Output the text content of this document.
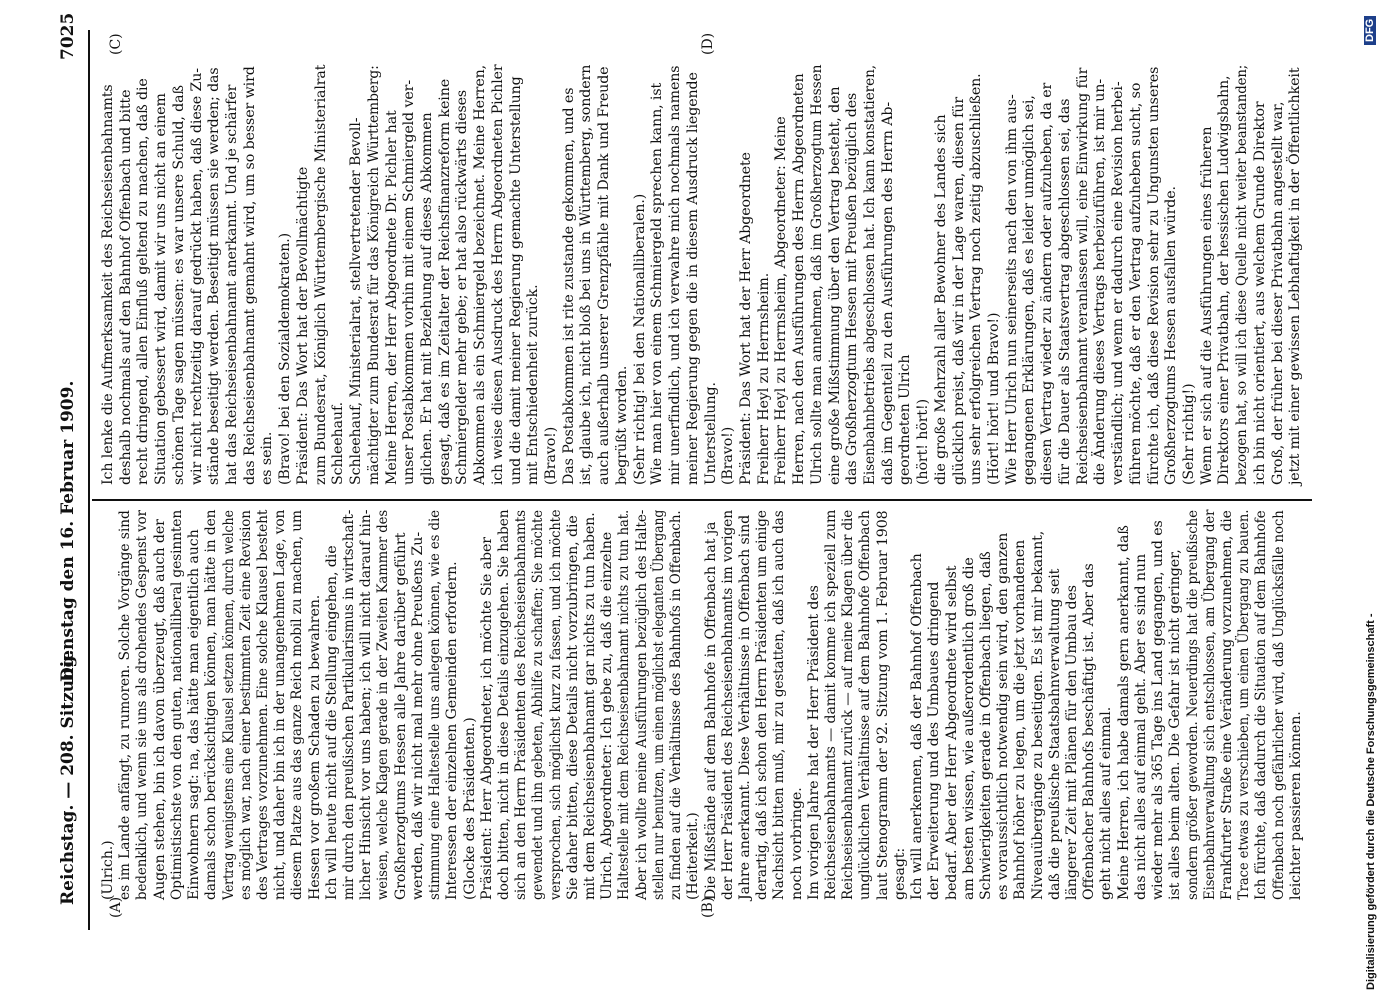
Reichstag. — 208. Sitzung.
Dienstag den 16. Februar 1909.
7025
(A)	(B)
(C)	(D)
(Ulrich.) es im Lande anfängt, zu rumoren. Solche Vorgänge sind bedenklich, und wenn sie uns als drohendes Gespenst vor Augen stehen, bin ich davon überzeugt, daß auch der Optimistischste von den guten, nationalliberal gesinnten Einwohnern sagt: na, das hätte man eigentlich auch damals schon berücksichtigen können, man hätte in den Vertrag wenigstens eine Klausel setzen können, durch welche es möglich war, nach einer bestimmten Zeit eine Revision des Vertrages vorzunehmen. Eine solche Klausel besteht nicht, und daher bin ich in der unangenehmen Lage, von diesem Platze aus das ganze Reich mobil zu machen, um Hessen vor großem Schaden zu bewahren. Ich will heute nicht auf die Stellung eingehen, die mir durch den preußischen Partikularismus in wirtschaft- licher Hinsicht vor uns haben; ich will nicht darauf hin- weisen, welche Klagen gerade in der Zweiten Kammer des Großherzogtums Hessen alle Jahre darüber geführt werden, daß wir nicht mal mehr ohne Preußens Zu- stimmung eine Haltestelle uns anlegen können, wie es die Interessen der einzelnen Gemeinden erfordern. (Glocke des Präsidenten.) Präsident: Herr Abgeordneter, ich möchte Sie aber doch bitten, nicht in diese Details einzugehen. Sie haben sich an den Herrn Präsidenten des Reichseisenbahnamts gewendet und ihn gebeten, Abhilfe zu schaffen; Sie möchte versprochen, sich möglichst kurz zu fassen, und ich möchte Sie daher bitten, diese Details nicht vorzubringen, die mit dem Reichseisenbahnamt gar nichts zu tun haben. Ulrich, Abgeordneter: Ich gebe zu, daß die einzelne Haltestelle mit dem Reichseisenbahnamt nichts zu tun hat. Aber ich wollte meine Ausführungen bezüglich des Halte- stellen nur benutzen, um einen möglichst eleganten Übergang zu finden auf die Verhältnisse des Bahnhofs in Offenbach. (Heiterkeit.) Die Mißstände auf dem Bahnhofe in Offenbach hat ja der Herr Präsident des Reichseisenbahnamts im vorigen Jahre anerkannt. Diese Verhältnisse in Offenbach sind derartig, daß ich schon den Herrn Präsidenten um einige Nachsicht bitten muß, mir zu gestatten, daß ich auch das noch vorbringe. Im vorigen Jahre hat der Herr Präsident des Reichseisenbahnamts — damit komme ich speziell zum Reichseisenbahnamt zurück — auf meine Klagen über die unglücklichen Verhältnisse auf dem Bahnhofe Offenbach laut Stenogramm der 92. Sitzung vom 1. Februar 1908 gesagt: Ich will anerkennen, daß der Bahnhof Offenbach der Erweiterung und des Umbaues dringend bedarf. Aber der Herr Abgeordnete wird selbst am besten wissen, wie außerordentlich groß die Schwierigkeiten gerade in Offenbach liegen, daß es voraussichtlich notwendig sein wird, den ganzen Bahnhof höher zu legen, um die jetzt vorhandenen Niveauübergänge zu beseitigen. Es ist mir bekannt, daß die preußische Staatsbahnverwaltung seit längerer Zeit mit Plänen für den Umbau des Offenbacher Bahnhofs beschäftigt ist. Aber das geht nicht alles auf einmal. Meine Herren, ich habe damals gern anerkannt, daß das nicht alles auf einmal geht. Aber es sind nun wieder mehr als 365 Tage ins Land gegangen, und es ist alles beim alten. Die Gefahr ist nicht geringer, sondern größer geworden. Neuerdings hat die preußische Eisenbahnverwaltung sich entschlossen, am Übergang der Frankfurter Straße eine Veränderung vorzunehmen, die Trace etwas zu verschieben, um einen Übergang zu bauen. Ich fürchte, daß dadurch die Situation auf dem Bahnhofe Offenbach noch gefährlicher wird, daß Unglücksfälle noch leichter passieren können.
Ich lenke die Aufmerksamkeit des Reichseisenbahnamts deshalb nochmals auf den Bahnhof Offenbach und bitte recht dringend, allen Einfluß geltend zu machen, daß die Situation gebessert wird, damit wir uns nicht an einem schönen Tage sagen müssen: es war unsere Schuld, daß wir nicht rechtzeitig darauf gedrückt haben, daß diese Zu- stände beseitigt werden. Beseitigt müssen sie werden; das hat das Reichseisenbahnamt anerkannt. Und je schärfer das Reichseisenbahnamt gemahnt wird, um so besser wird es sein. (Bravo! bei den Sozialdemokraten.) Präsident: Das Wort hat der Bevollmächtigte zum Bundesrat, Königlich Württembergische Ministerialrat Schleehauf. Schleehauf, Ministerialrat, stellvertretender Bevoll- mächtigter zum Bundesrat für das Königreich Württemberg: Meine Herren, der Herr Abgeordnete Dr. Pichler hat unser Postabkommen vorhin mit einem Schmiergeld ver- glichen. Er hat mit Beziehung auf dieses Abkommen gesagt, daß es im Zeitalter der Reichsfinanzreform keine Schmiergelder mehr gebe; er hat also rückwärts dieses Abkommen als ein Schmiergeld bezeichnet. Meine Herren, ich weise diesen Ausdruck des Herrn Abgeordneten Pichler und die damit meiner Regierung gemachte Unterstellung mit Entschiedenheit zurück. (Bravo!) Das Postabkommen ist rite zustande gekommen, und es ist, glaube ich, nicht bloß bei uns in Württemberg, sondern auch außerhalb unserer Grenzpfähle mit Dank und Freude begrüßt worden. (Sehr richtig! bei den Nationalliberalen.) Wie man hier von einem Schmiergeld sprechen kann, ist mir unerfindlich, und ich verwahre mich nochmals namens meiner Regierung gegen die in diesem Ausdruck liegende Unterstellung. (Bravo!) Präsident: Das Wort hat der Herr Abgeordnete Freiherr Heyl zu Herrnsheim. Freiherr Heyl zu Herrnsheim, Abgeordneter: Meine Herren, nach den Ausführungen des Herrn Abgeordneten Ulrich sollte man annehmen, daß im Großherzogtum Hessen eine große Mißstimmung über den Vertrag besteht, den das Großherzogtum Hessen mit Preußen bezüglich des Eisenbahnbetriebs abgeschlossen hat. Ich kann konstatieren, daß im Gegenteil zu den Ausführungen des Herrn Ab- geordneten Ulrich (hört! hört!) die große Mehrzahl aller Bewohner des Landes sich glücklich preist, daß wir in der Lage waren, diesen für uns sehr erfolgreichen Vertrag noch zeitig abzuschließen. (Hört! hört! und Bravo!) Wie Herr Ulrich nun seinerseits nach den von ihm aus- gegangenen Erklärungen, daß es leider unmöglich sei, diesen Vertrag wieder zu ändern oder aufzuheben, da er für die Dauer als Staatsvertrag abgeschlossen sei, das Reichseisenbahnamt veranlassen will, eine Einwirkung für die Änderung dieses Vertrags herbeizuführen, ist mir un- verständlich; und wenn er dadurch eine Revision herbei- führen möchte, daß er den Vertrag aufzuheben sucht, so fürchte ich, daß diese Revision sehr zu Ungunsten unseres Großherzogtums Hessen ausfallen würde. (Sehr richtig!) Wenn er sich auf die Ausführungen eines früheren Direktors einer Privatbahn, der hessischen Ludwigsbahn, bezogen hat, so will ich diese Quelle nicht weiter beanstanden; ich bin nicht orientiert, aus welchem Grunde Direktor Groß, der früher bei dieser Privatbahn angestellt war, jetzt mit einer gewissen Lebhaftigkeit in der Öffentlichkeit
Digitalisierung gefördert durch die Deutsche Forschungsgemeinschaft -
DFG
